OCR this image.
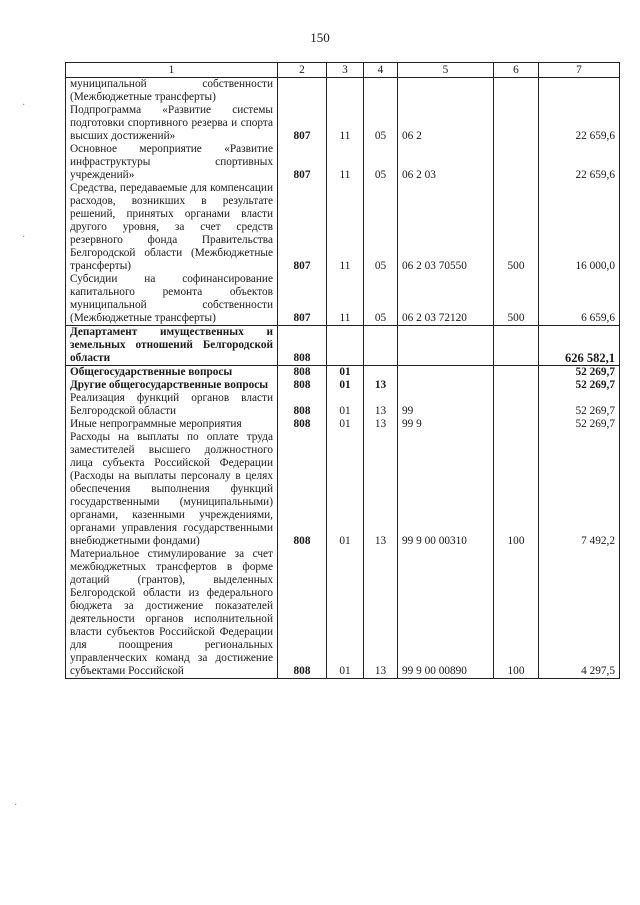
150
1	2	3	4	5	6	7
муниципальной собственности (Межбюджетные трансферты)						
Подпрограмма «Развитие системы подготовки спортивного резерва и спорта высших достижений»	807	11	05	06 2		22 659,6
Основное мероприятие «Развитие инфраструктуры спортивных учреждений»	807	11	05	06 2 03		22 659,6
Средства, передаваемые для компенсации расходов, возникших в результате решений, принятых органами власти другого уровня, за счет средств резервного фонда Правительства Белгородской области (Межбюджетные трансферты)	807	11	05	06 2 03 70550	500	16 000,0
Субсидии на софинансирование капитального ремонта объектов муниципальной собственности (Межбюджетные трансферты)	807	11	05	06 2 03 72120	500	6 659,6
Департамент имущественных и земельных отношений Белгородской области	808					626 582,1
Общегосударственные вопросы	808	01				52 269,7
Другие общегосударственные вопросы	808	01	13			52 269,7
Реализация функций органов власти Белгородской области	808	01	13	99		52 269,7
Иные непрограммные мероприятия	808	01	13	99 9		52 269,7
Расходы на выплаты по оплате труда заместителей высшего должностного лица субъекта Российской Федерации (Расходы на выплаты персоналу в целях обеспечения выполнения функций государственными (муниципальными) органами, казенными учреждениями, органами управления государственными внебюджетными фондами)	808	01	13	99 9 00 00310	100	7 492,2
Материальное стимулирование за счет межбюджетных трансфертов в форме дотаций (грантов), выделенных Белгородской области из федерального бюджета за достижение показателей деятельности органов исполнительной власти субъектов Российской Федерации для поощрения региональных управленческих команд за достижение субъектами Российской	808	01	13	99 9 00 00890	100	4 297,5
·
·
·
